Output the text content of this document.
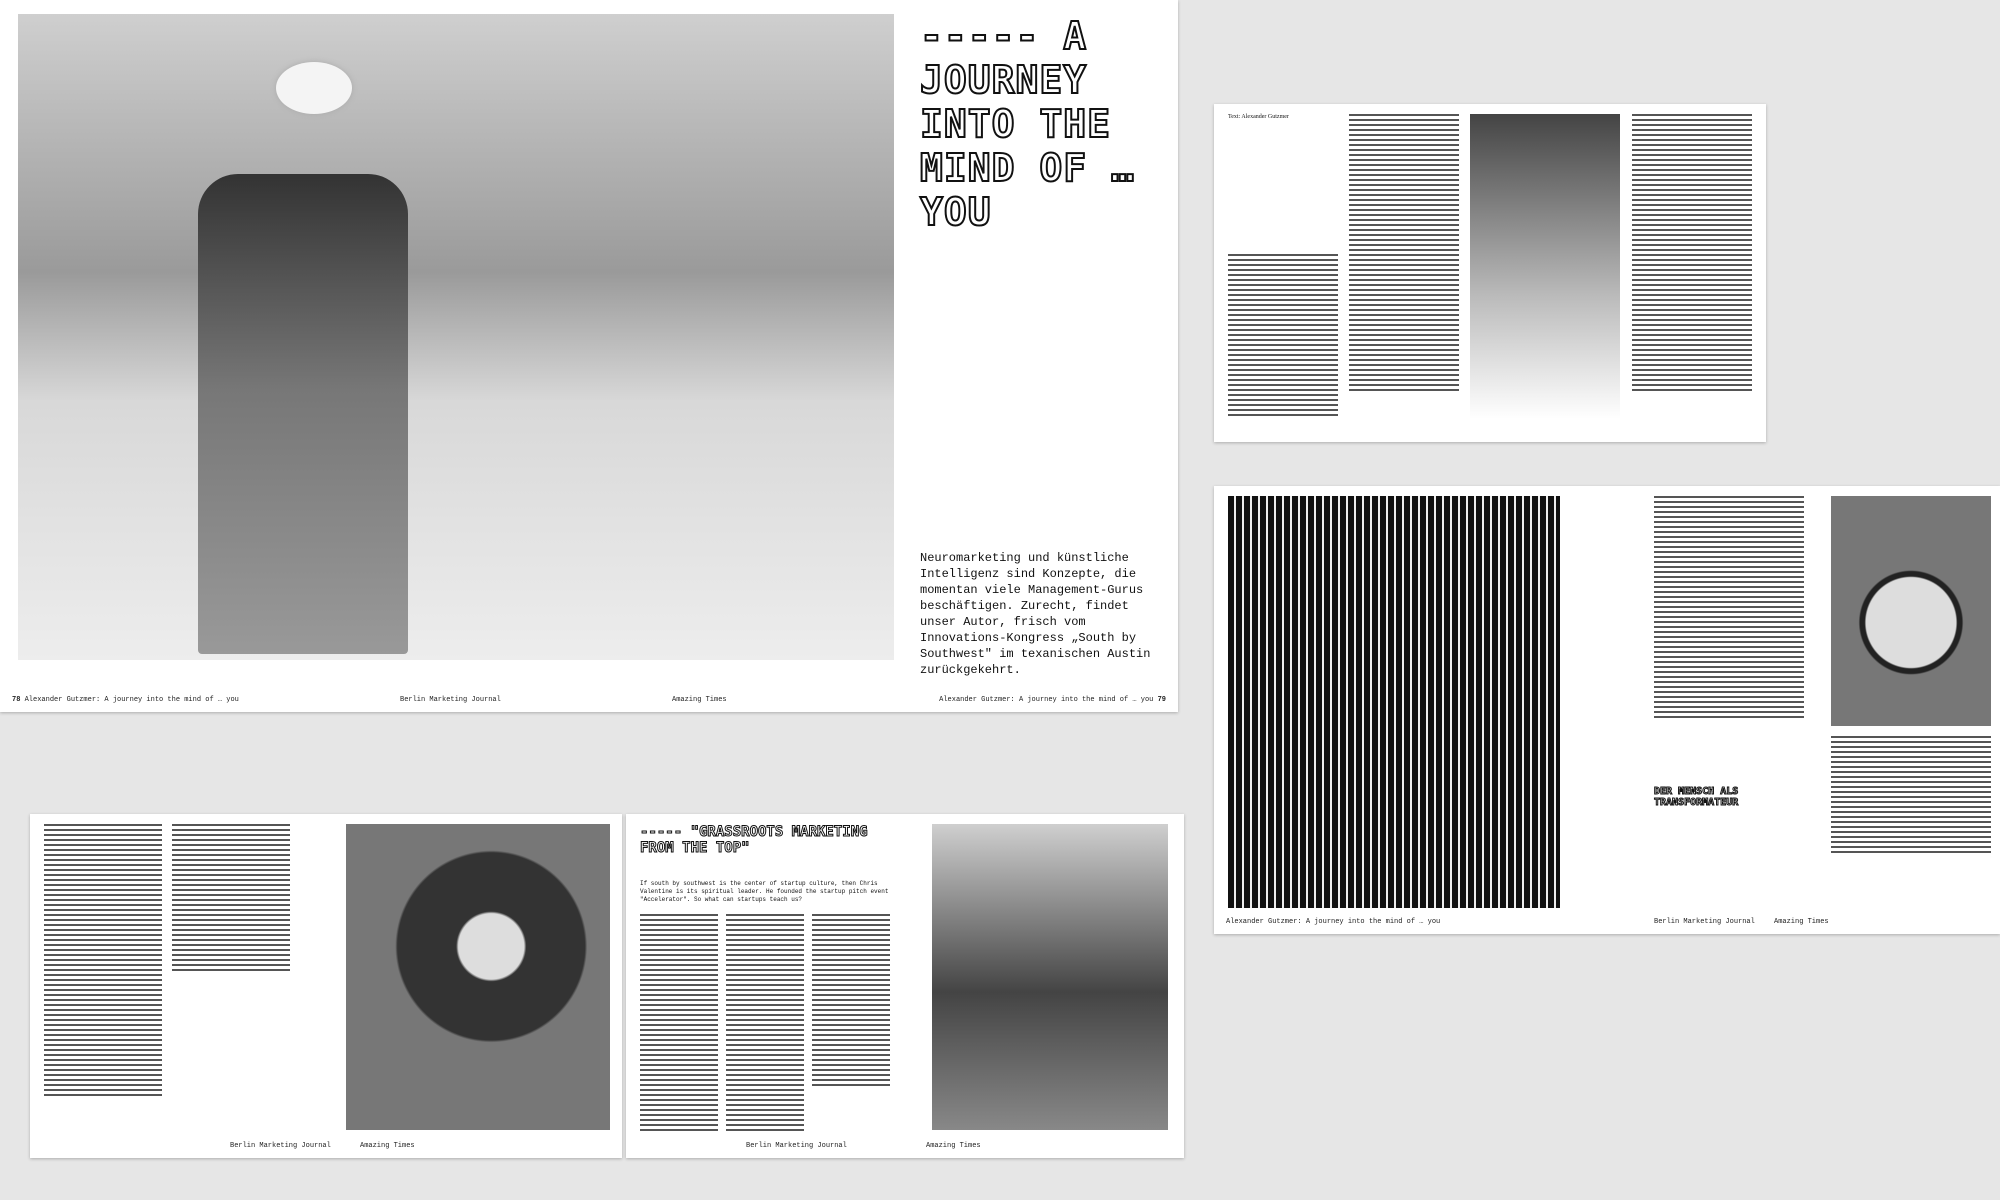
----- A JOURNEY INTO THE MIND OF … YOU
Neuromarketing und künstliche Intelligenz sind Konzepte, die momentan viele Management-Gurus beschäftigen. Zurecht, findet unser Autor, frisch vom Innovations-Kongress „South by Southwest" im texanischen Austin zurückgekehrt.
78 Alexander Gutzmer: A journey into the mind of … you	Berlin Marketing Journal	Amazing Times	Alexander Gutzmer: A journey into the mind of … you 79
Text: Alexander Gutzmer
DER MENSCH ALS TRANSFORMATEUR
Alexander Gutzmer: A journey into the mind of … you	Berlin Marketing Journal	Amazing Times
Berlin Marketing Journal	Amazing Times
----- "GRASSROOTS MARKETING FROM THE TOP"
If south by southwest is the center of startup culture, then Chris Valentine is its spiritual leader. He founded the startup pitch event "Accelerator". So what can startups teach us?
Berlin Marketing Journal	Amazing Times
